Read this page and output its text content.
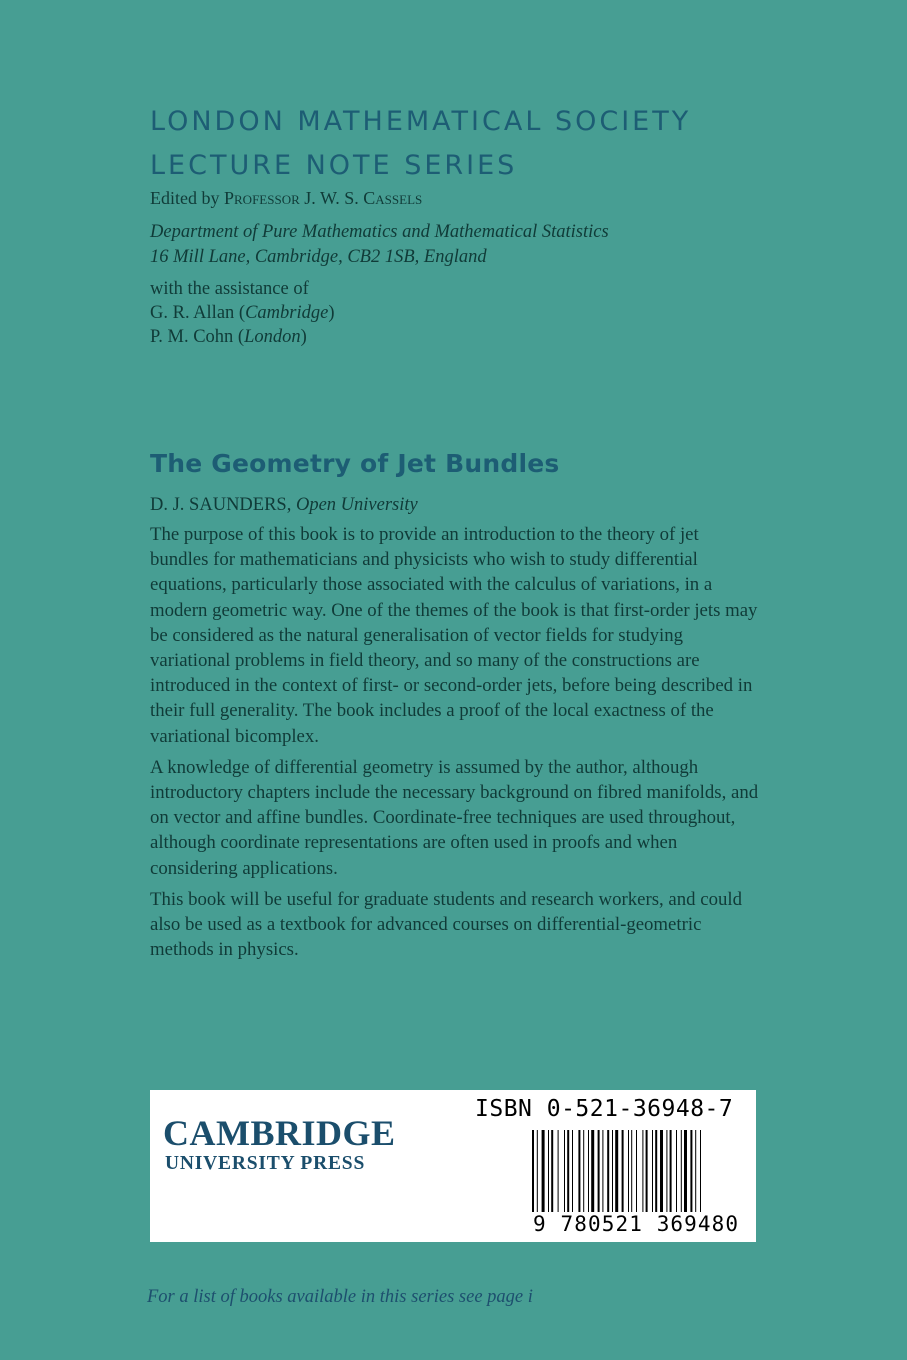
LONDON MATHEMATICAL SOCIETY
LECTURE NOTE SERIES
Edited by Professor J. W. S. Cassels
Department of Pure Mathematics and Mathematical Statistics
16 Mill Lane, Cambridge, CB2 1SB, England
with the assistance of
G. R. Allan (Cambridge)
P. M. Cohn (London)
The Geometry of Jet Bundles
D. J. SAUNDERS, Open University

The purpose of this book is to provide an introduction to the theory of jet bundles for mathematicians and physicists who wish to study differential equations, particularly those associated with the calculus of variations, in a modern geometric way. One of the themes of the book is that first-order jets may be considered as the natural generalisation of vector fields for studying variational problems in field theory, and so many of the constructions are introduced in the context of first- or second-order jets, before being described in their full generality. The book includes a proof of the local exactness of the variational bicomplex.

A knowledge of differential geometry is assumed by the author, although introductory chapters include the necessary background on fibred manifolds, and on vector and affine bundles. Coordinate-free techniques are used throughout, although coordinate representations are often used in proofs and when considering applications.

This book will be useful for graduate students and research workers, and could also be used as a textbook for advanced courses on differential-geometric methods in physics.

CAMBRIDGE
UNIVERSITY PRESS
ISBN 0-521-36948-7
9 780521 369480
For a list of books available in this series see page i
